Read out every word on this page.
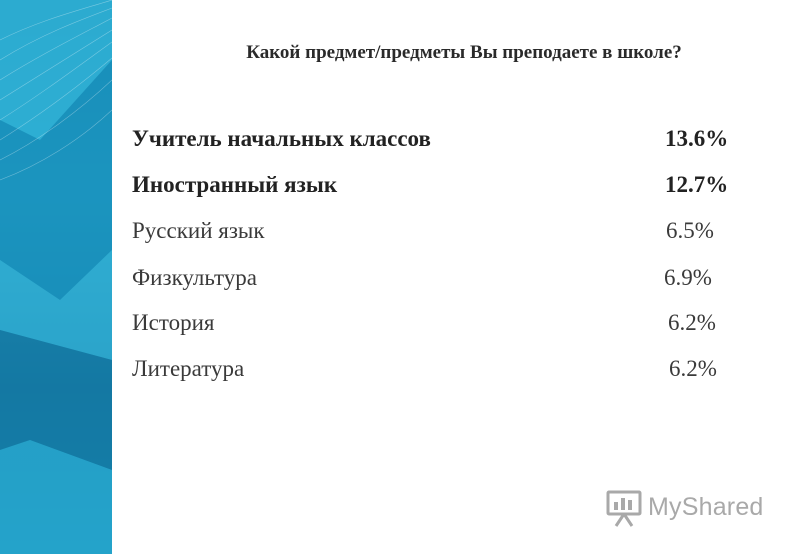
Какой предмет/предметы Вы преподаете в школе?
Учитель начальных классов	13.6%
Иностранный язык	12.7%
Русский язык	6.5%
Физкультура	6.9%
История	6.2%
Литература	6.2%
MyShared
